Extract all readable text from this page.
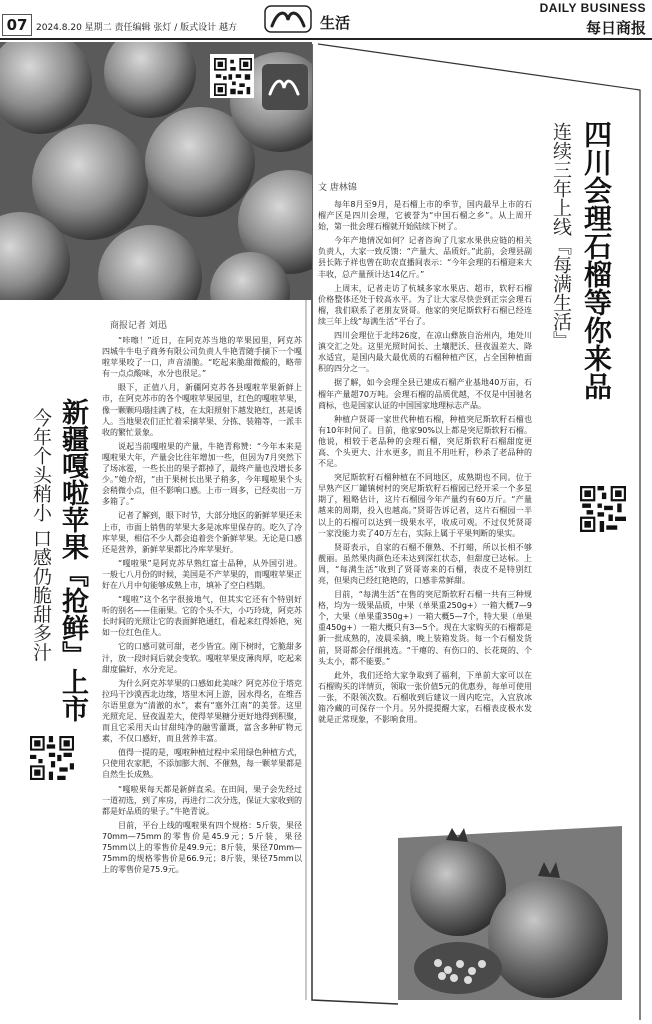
07 2024.8.20 星期二 责任编辑 张灯 / 版式设计 越方	生活
DAILY BUSINESS
每日商报
新疆嘎啦苹果『抢鲜』上市
今年个头稍小 口感仍脆甜多汁
商报记者 刘迅

“咔嚓！”近日，在阿克苏当地的苹果园里，阿克苏四城牛牛电子商务有限公司负责人牛艳青随手摘下一个嘎啦苹果咬了一口，声音清脆。“吃起来脆甜微酸的，略带有一点点酸味，水分也很足。”

眼下，正值八月，新疆阿克苏各县嘎啦苹果新鲜上市，在阿克苏市的各个嘎啦苹果园里，红色的嘎啦苹果，像一颗颗玛瑙挂满了枝，在太阳照射下越发艳红，甚是诱人。当地果农们正忙着采摘苹果、分拣、装箱等，一派丰收的繁忙景象。

说起当前嘎啦果的产量，牛艳青称赞：“今年本来是嘎啦果大年，产量会比往年增加一些，但因为7月突然下了场冰雹，一些长出的果子都掉了，最终产量也没增长多少。”她介绍，“由于果树长出果子稍多，今年嘎啦果个头会稍微小点，但不影响口感。上市一周多，已经卖出一万多箱了。”

记者了解到，眼下时节，大部分地区的新鲜苹果还未上市，市面上销售的苹果大多是冰库里保存的。吃久了冷库苹果，相信不少人都会追着尝个新鲜苹果。无论是口感还是营养，新鲜苹果都比冷库苹果好。

“嘎啦果”是阿克苏早熟红富士品种，从外国引进。一般七八月份的时候，美国是不产苹果的，而嘎啦苹果正好在八月中旬能够成熟上市，填补了空白档期。

“嘎啦”这个名字很接地气，但其实它还有个特别好听的别名——佳丽果。它的个头不大，小巧玲珑，阿克苏长时间的光照让它的表面鲜艳通红，看起来红得娇艳，宛如一位红色佳人。

它的口感可就可甜，老少皆宜。刚下树时，它脆甜多汁，放一段时间后就会变软。嘎啦苹果皮薄肉厚，吃起来甜度偏好，水分充足。

为什么阿克苏苹果的口感如此美味？阿克苏位于塔克拉玛干沙漠西北边缘，塔里木河上游，因水得名，在维吾尔语里意为“清澈的水”，素有“塞外江南”的美誉。这里光照充足、昼夜温差大，使得苹果糖分更好地得到积聚，而且它采用天山甘甜纯净的融雪灌溉，富含多种矿物元素，不仅口感好，而且营养丰富。

值得一提的是，嘎啦种植过程中采用绿色种植方式，只使用农家肥，不添加膨大剂、不催熟，每一颗苹果都是自然生长成熟。

“嘎啦果每天都是新鲜直采。在田间，果子会先经过一道初选，到了库房，再进行二次分选，保证大家收到的都是好品质的果子。”牛艳青说。

目前，平台上线的嘎啦果有四个规格：5斤装，果径70mm—75mm的零售价是45.9元；5斤装，果径75mm以上的零售价是49.9元；8斤装，果径70mm—75mm的规格零售价是66.9元；8斤装，果径75mm以上的零售价是75.9元。

四川会理石榴等你来品
连续三年上线『每满生活』
文 唐林锦

每年8月至9月，是石榴上市的季节，国内最早上市的石榴产区是四川会理，它被誉为“中国石榴之乡”。从上周开始，第一批会理石榴就开始陆续下树了。

今年产地情况如何？记者咨询了几家水果供应链的相关负责人，大家一致反馈：“产量大、品质好。”此前，会理县副县长陈子祥也曾在助农直播间表示：“今年会理的石榴迎来大丰收，总产量预计达14亿斤。”

上周末，记者走访了杭城多家水果店、超市，软籽石榴价格整体还处于较高水平。为了让大家尽快尝到正宗会理石榴，我们联系了老朋友贤哥。他家的突尼斯软籽石榴已经连续三年上线“每满生活”平台了。

四川会理位于北纬26度，在凉山彝族自治州内，地处川滇交汇之处。这里光照时间长、土壤肥沃、昼夜温差大、降水适宜，是国内最大最优质的石榴种植产区，占全国种植面积的四分之一。

据了解，如今会理全县已建成石榴产业基地40万亩，石榴年产量超70万吨。会理石榴的品质优越，不仅是中国驰名商标，也是国家认证的中国国家地理标志产品。

种植户贤哥一家世代种植石榴，种植突尼斯软籽石榴也有10年时间了。目前，他家90%以上都是突尼斯软籽石榴。他说，相较于老品种的会理石榴，突尼斯软籽石榴甜度更高、个头更大、汁水更多，而且不用吐籽，秒杀了老品种的不足。

突尼斯软籽石榴种植在不同地区，成熟期也不同。位于早熟产区厂罐镇树村的突尼斯软籽石榴园已经开采一个多星期了，粗略估计，这片石榴园今年产量约有60万斤。“产量越来的周期，投入也越高。”贤哥告诉记者，这片石榴园一半以上的石榴可以达到一级果水平，收成可观。不过仅凭贤哥一家没能力卖了40万左右，实际上属于平果判断的果实。

贤哥表示，自家的石榴不催熟、不打蜡，所以长相不够靓丽。虽然果肉颜色还未达到深红状态，但甜度已达标。上周，“每满生活”收到了贤哥寄来的石榴，表皮不是特别红亮，但果肉已经红艳艳的，口感非常鲜甜。

目前，“每满生活”在售的突尼斯软籽石榴一共有三种规格，均为一级果品质，中果（单果重250g+）一箱大概7—9个，大果（单果重350g+）一箱大概5—7个，特大果（单果重450g+）一箱大概只有3—5个。现在大家购买的石榴都是新一批成熟的，凌晨采摘，晚上装箱发货。每一个石榴发货前，贤哥都会仔细挑选。“干瘪的、有伤口的、长花斑的、个头太小，都不能要。”

此外，我们还给大家争取到了福利，下单前大家可以在石榴购买的详情页，领取一张价值5元的优惠券，每单可使用一张，不限领次数。石榴收到后建议一周内吃完，入宜放冰箱冷藏的可保存一个月。另外提提醒大家，石榴表皮极水发就是正常现象，不影响食用。
